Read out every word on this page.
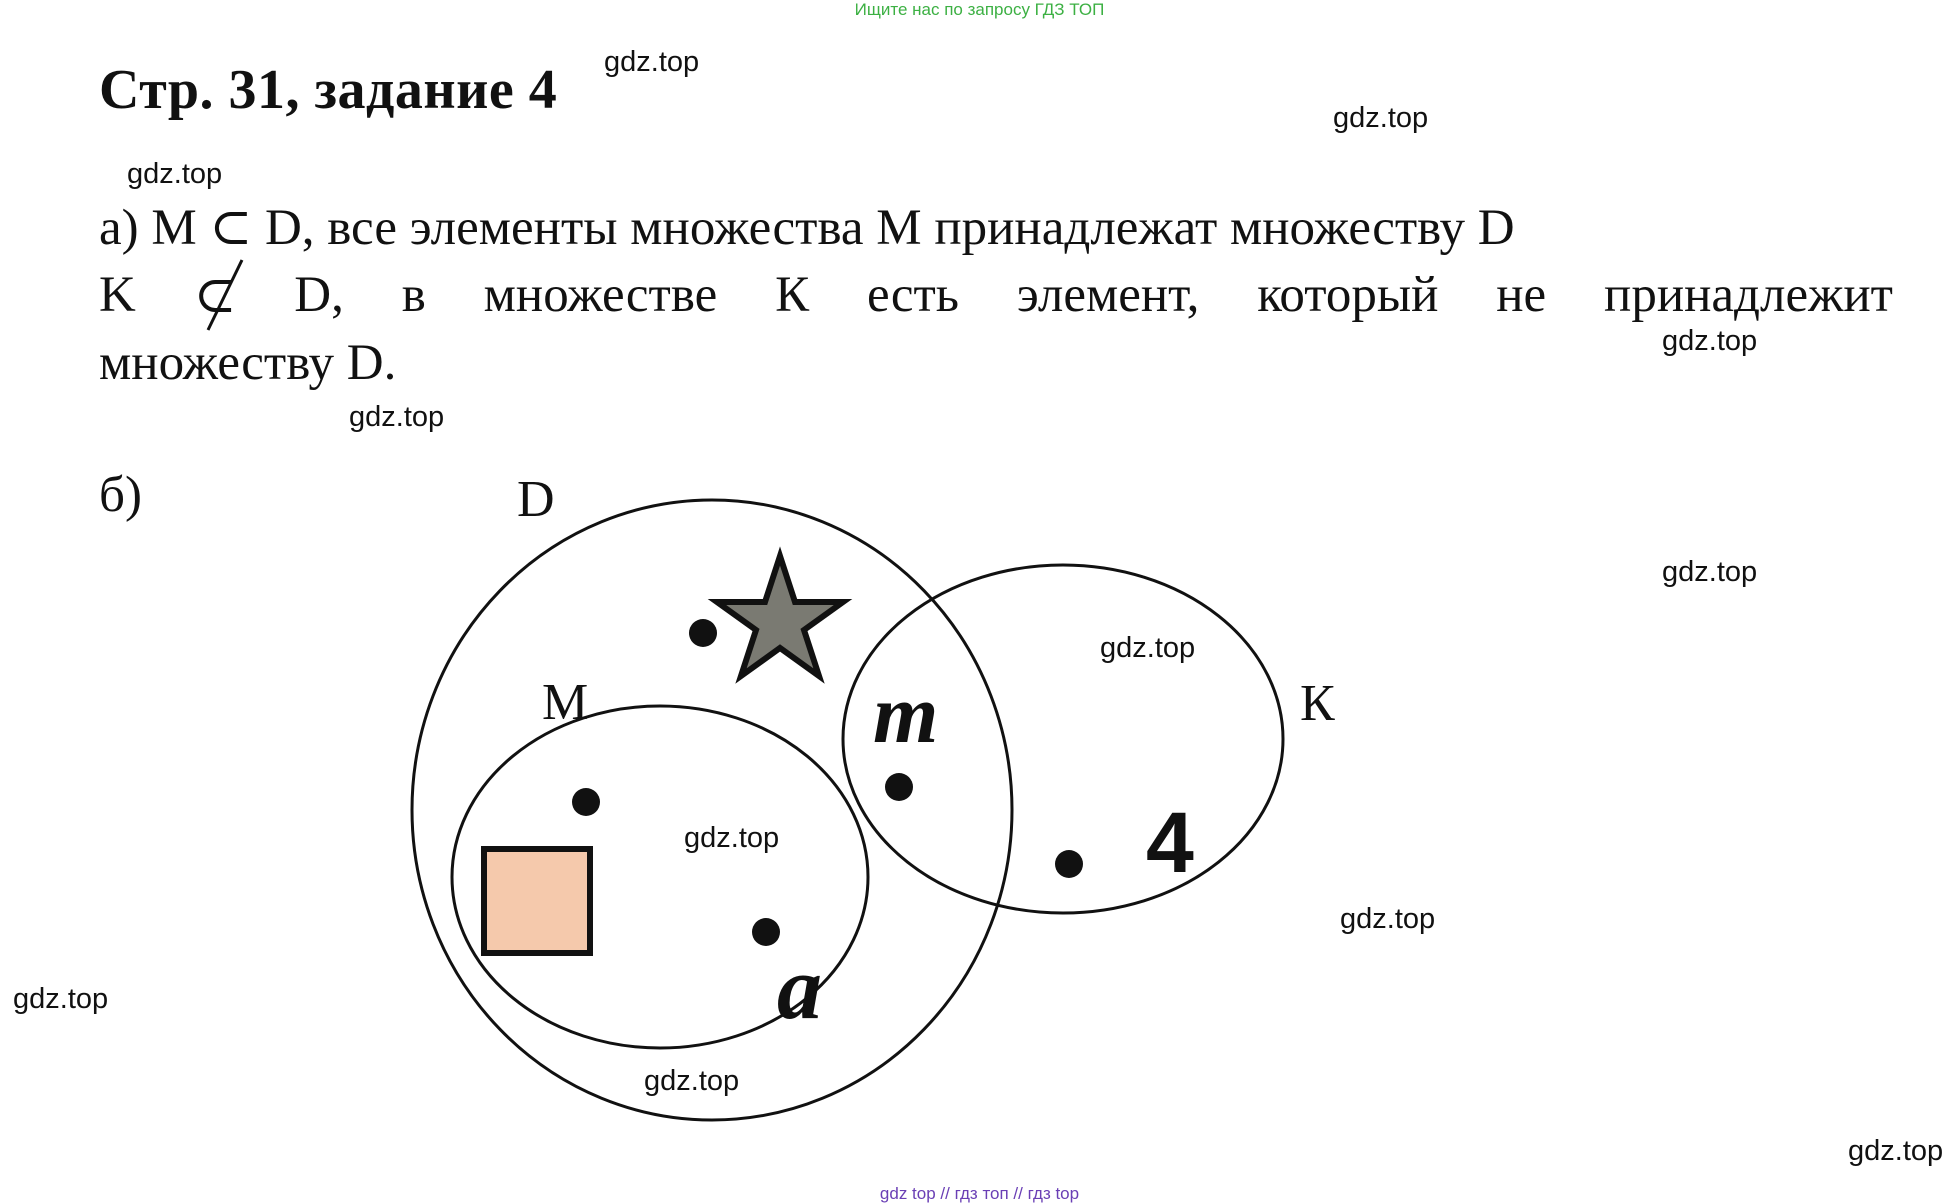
Ищите нас по запросу ГДЗ ТОП
Стр. 31, задание 4
а) M ⊂ D, все элементы множества M принадлежат множеству D
K ⊂ D, в множестве К есть элемент, который не принадлежит
множеству D.
б)	D
M	К
m
a
4
gdz.top
gdz.top
gdz.top
gdz.top
gdz.top
gdz.top
gdz.top
gdz.top
gdz.top
gdz.top
gdz.top
gdz.top
gdz top // гдз топ // гдз top
